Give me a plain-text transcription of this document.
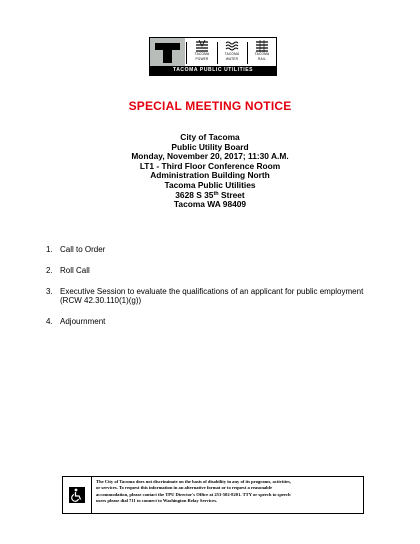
TACOMA
POWER
TACOMA
WATER
TACOMA
RAIL
TACOMA PUBLIC UTILITIES
SPECIAL MEETING NOTICE
City of Tacoma
Public Utility Board
Monday, November 20, 2017; 11:30 A.M.
LT1 - Third Floor Conference Room
Administration Building North
Tacoma Public Utilities
3628 S 35th Street
Tacoma WA 98409
1. Call to Order
2. Roll Call
3. Executive Session to evaluate the qualifications of an applicant for public employment
(RCW 42.30.110(1)(g))
4. Adjournment
The City of Tacoma does not discriminate on the basis of disability in any of its programs, activities,
or services. To request this information in an alternative format or to request a reasonable
accommodation, please contact the TPU Director's Office at 253-502-8201. TTY or speech to speech
users please dial 711 to connect to Washington Relay Services.
